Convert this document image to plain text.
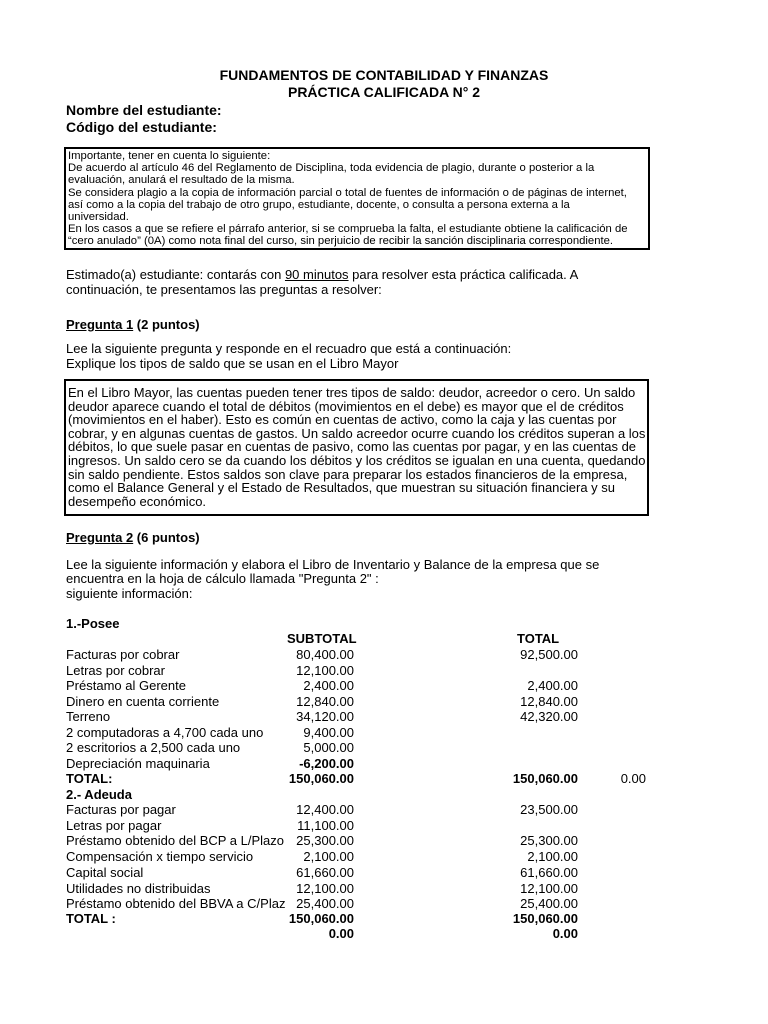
FUNDAMENTOS DE CONTABILIDAD Y FINANZAS
PRÁCTICA CALIFICADA N° 2
Nombre del estudiante:
Código del estudiante:

Importante, tener en cuenta lo siguiente:

De acuerdo al artículo 46 del Reglamento de Disciplina, toda evidencia de plagio, durante o posterior a la

evaluación, anulará el resultado de la misma.

Se considera plagio a la copia de información parcial o total de fuentes de información o de páginas de internet,

así como a la copia del trabajo de otro grupo, estudiante, docente, o consulta a persona externa a la

universidad.

En los casos a que se refiere el párrafo anterior, si se comprueba la falta, el estudiante obtiene la calificación de

“cero anulado” (0A) como nota final del curso, sin perjuicio de recibir la sanción disciplinaria correspondiente.

Estimado(a) estudiante: contarás con 90 minutos para resolver esta práctica calificada. A
continuación, te presentamos las preguntas a resolver:
Pregunta 1 (2 puntos)
Lee la siguiente pregunta y responde en el recuadro que está a continuación:
Explique los tipos de saldo que se usan en el Libro Mayor

En el Libro Mayor, las cuentas pueden tener tres tipos de saldo: deudor, acreedor o cero. Un saldo

deudor aparece cuando el total de débitos (movimientos en el debe) es mayor que el de créditos

(movimientos en el haber). Esto es común en cuentas de activo, como la caja y las cuentas por

cobrar, y en algunas cuentas de gastos. Un saldo acreedor ocurre cuando los créditos superan a los

débitos, lo que suele pasar en cuentas de pasivo, como las cuentas por pagar, y en las cuentas de

ingresos. Un saldo cero se da cuando los débitos y los créditos se igualan en una cuenta, quedando

sin saldo pendiente. Estos saldos son clave para preparar los estados financieros de la empresa,

como el Balance General y el Estado de Resultados, que muestran su situación financiera y su

desempeño económico.

Pregunta 2 (6 puntos)
Lee la siguiente información y elabora el Libro de Inventario y Balance de la empresa que se
encuentra en la hoja de cálculo llamada "Pregunta 2" :
siguiente información:
1.-Posee
SUBTOTAL	TOTAL
Facturas por cobrar	80,400.00	92,500.00
Letras por cobrar	12,100.00
Préstamo al Gerente	2,400.00	2,400.00
Dinero en cuenta corriente	12,840.00	12,840.00
Terreno	34,120.00	42,320.00
2 computadoras a 4,700 cada uno	9,400.00
2 escritorios a 2,500 cada uno	5,000.00
Depreciación maquinaria	-6,200.00
TOTAL:	150,060.00	150,060.00	0.00
2.- Adeuda
Facturas por pagar	12,400.00	23,500.00
Letras por pagar	11,100.00
Préstamo obtenido del BCP a L/Plazo 25,300.00	25,300.00
Compensación x tiempo servicio	2,100.00	2,100.00
Capital social	61,660.00	61,660.00
Utilidades no distribuidas	12,100.00	12,100.00
Préstamo obtenido del BBVA a C/Plaz 25,400.00	25,400.00
TOTAL :	150,060.00	150,060.00
0.00	0.00
